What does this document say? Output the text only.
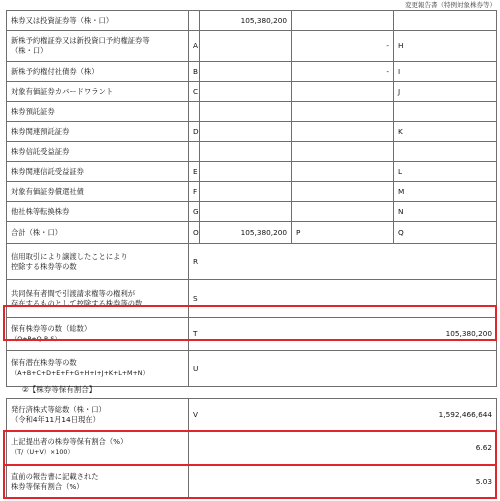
変更報告書（特例対象株券等）
株券又は投資証券等（株・口）		105,380,200		
新株予約権証券又は新投資口予約権証券等
（株・口）	A		-	H
新株予約権付社債券（株）	B		-	I
対象有価証券カバードワラント	C			J
株券預託証券				
株券関連預託証券	D			K
株券信託受益証券				
株券関連信託受益証券	E			L
対象有価証券償還社債	F			M
他社株等転換株券	G			N
合計（株・口）	O	105,380,200	P	Q
信用取引により譲渡したことにより
控除する株券等の数	R			
共同保有者間で引渡請求権等の権利が
存在するものとして控除する株券等の数	S			
保有株券等の数（総数）
（O+P+Q-R-S）	T 105,380,200			

保有潜在株券等の数
（A+B+C+D+E+F+G+H+I+J+K+L+M+N）	U			
②【株券等保有割合】
発行済株式等総数（株・口）
（令和4年11月14日現在）	V 1,592,466,644

上記提出者の株券等保有割合（%）
（T/（U+V）×100）	6.62
直前の報告書に記載された
株券等保有割合（%）	5.03
